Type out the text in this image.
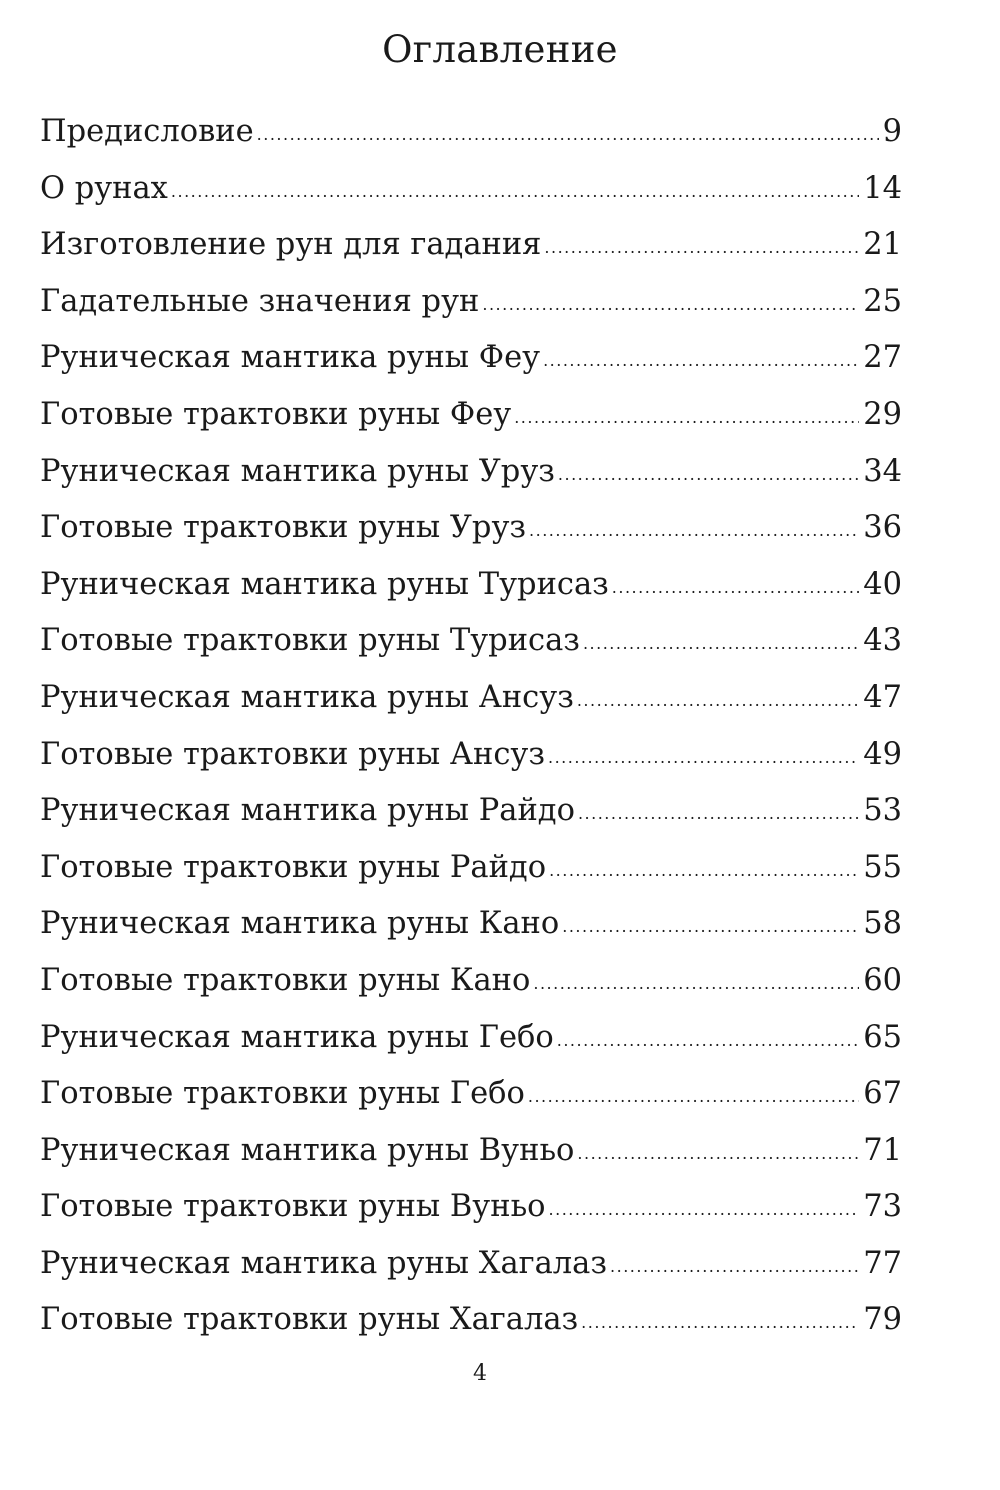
Оглавление
Предисловие .....	9
О рунах .....	14
Изготовление рун для гадания .....	21
Гадательные значения рун .....	25
Руническая мантика руны Феу .....	27
Готовые трактовки руны Феу .....	29
Руническая мантика руны Уруз .....	34
Готовые трактовки руны Уруз .....	36
Руническая мантика руны Турисаз .....	40
Готовые трактовки руны Турисаз .....	43
Руническая мантика руны Ансуз .....	47
Готовые трактовки руны Ансуз .....	49
Руническая мантика руны Райдо .....	53
Готовые трактовки руны Райдо .....	55
Руническая мантика руны Кано .....	58
Готовые трактовки руны Кано .....	60
Руническая мантика руны Гебо .....	65
Готовые трактовки руны Гебо .....	67
Руническая мантика руны Вуньо .....	71
Готовые трактовки руны Вуньо .....	73
Руническая мантика руны Хагалаз .....	77
Готовые трактовки руны Хагалаз .....	79
4
